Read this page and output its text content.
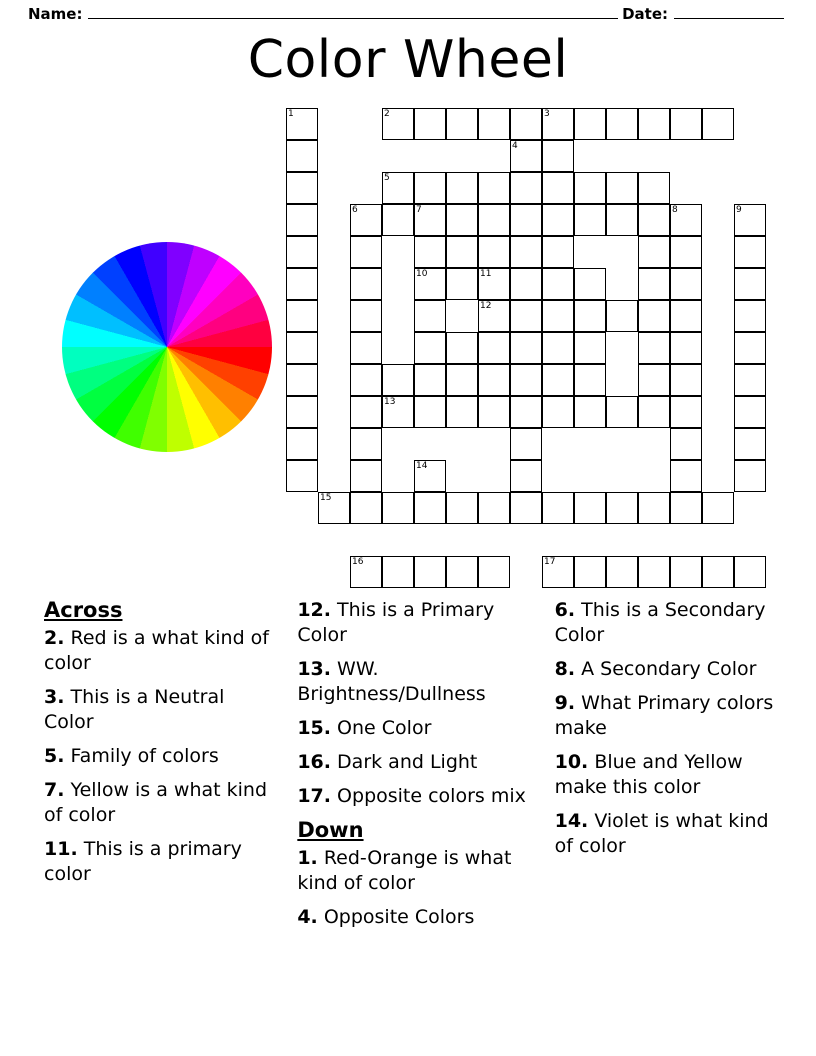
Name:	Date:
Color Wheel
1	2	3
4
5
6	7	8	9
10	11
12
13
14
15
16	17
Across
2. Red is a what kind of color
3. This is a Neutral Color
5. Family of colors
7. Yellow is a what kind of color
11. This is a primary color
12. This is a Primary Color
13. WW. Brightness/Dullness
15. One Color
16. Dark and Light
17. Opposite colors mix
Down
1. Red-Orange is what kind of color
4. Opposite Colors
6. This is a Secondary Color
8. A Secondary Color
9. What Primary colors make
10. Blue and Yellow make this color
14. Violet is what kind of color
